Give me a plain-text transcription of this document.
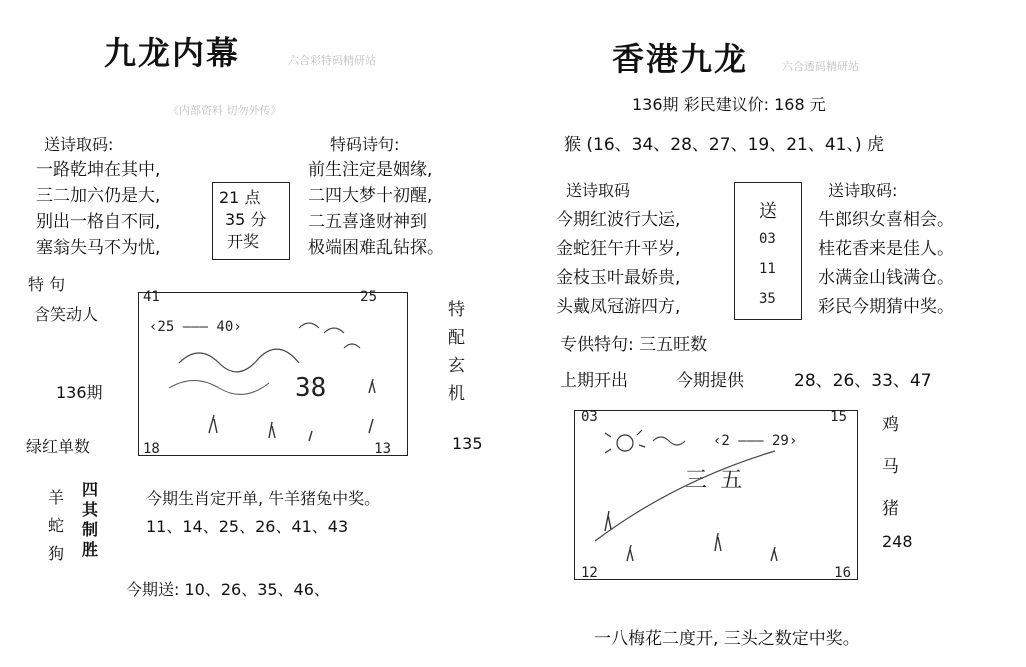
九龙内幕	六合彩特码精研站
《内部资料 切勿外传》
送诗取码:	特码诗句:
一路乾坤在其中,
三二加六仍是大,
别出一格自不同,
塞翁失马不为忧,
21 点
35 分
开奖
前生注定是姻缘,
二四大梦十初醒,
二五喜逢财神到
极端困难乱钻探。
特 句
含笑动人
136期
绿红单数
41	25
18	13
‹25 ——— 40›
38
特
配
玄
机
135
羊
蛇
狗
四
其
制
胜
今期生肖定开单, 牛羊猪兔中奖。
11、14、25、26、41、43
今期送: 10、26、35、46、
香港九龙	六合透码精研站
136期 彩民建议价: 168 元
猴 (16、34、28、27、19、21、41、) 虎
送诗取码	送诗取码:
今期红波行大运,
金蛇狂午升平岁,
金枝玉叶最娇贵,
头戴凤冠游四方,
送
03
11
35
牛郎织女喜相会。
桂花香来是佳人。
水满金山钱满仓。
彩民今期猜中奖。
专供特句: 三五旺数
上期开出	今期提供	28、26、33、47
03	15
12	16
‹2 ——— 29›
三 五
鸡
马
猪
248
一八梅花二度开, 三头之数定中奖。
